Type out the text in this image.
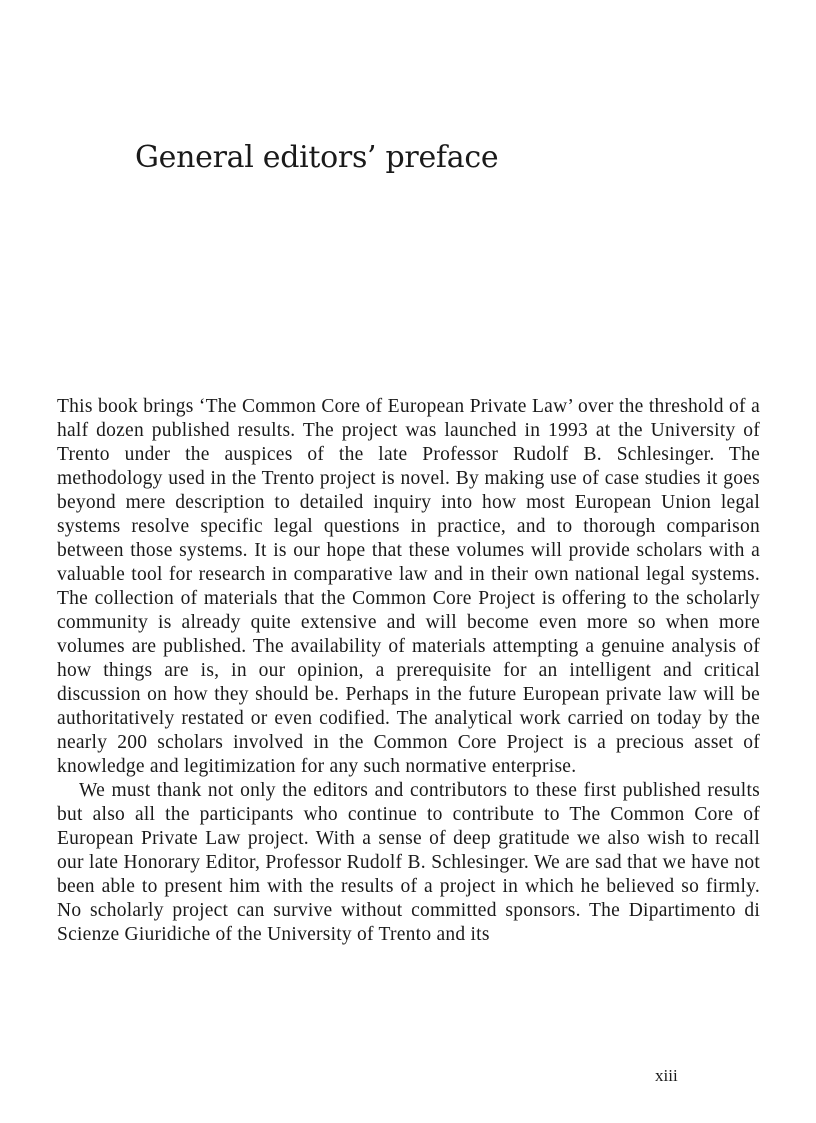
General editors’ preface

This book brings ‘The Common Core of European Private Law’ over the threshold of a half dozen published results. The project was launched in 1993 at the University of Trento under the auspices of the late Professor Rudolf B. Schlesinger. The methodology used in the Trento project is novel. By making use of case studies it goes beyond mere description to detailed inquiry into how most European Union legal systems resolve specific legal questions in practice, and to thorough comparison between those systems. It is our hope that these volumes will provide scholars with a valuable tool for research in comparative law and in their own national legal systems. The collection of materials that the Common Core Project is offering to the scholarly community is already quite extensive and will become even more so when more volumes are published. The availability of materials attempting a genuine analysis of how things are is, in our opinion, a prerequisite for an intelligent and critical discussion on how they should be. Perhaps in the future European private law will be authoritatively restated or even codified. The analytical work carried on today by the nearly 200 scholars involved in the Common Core Project is a precious asset of knowledge and legitimization for any such normative enterprise.

We must thank not only the editors and contributors to these first published results but also all the participants who continue to contribute to The Common Core of European Private Law project. With a sense of deep gratitude we also wish to recall our late Honorary Editor, Professor Rudolf B. Schlesinger. We are sad that we have not been able to present him with the results of a project in which he believed so firmly. No scholarly project can survive without committed sponsors. The Dipartimento di Scienze Giuridiche of the University of Trento and its

xiii
